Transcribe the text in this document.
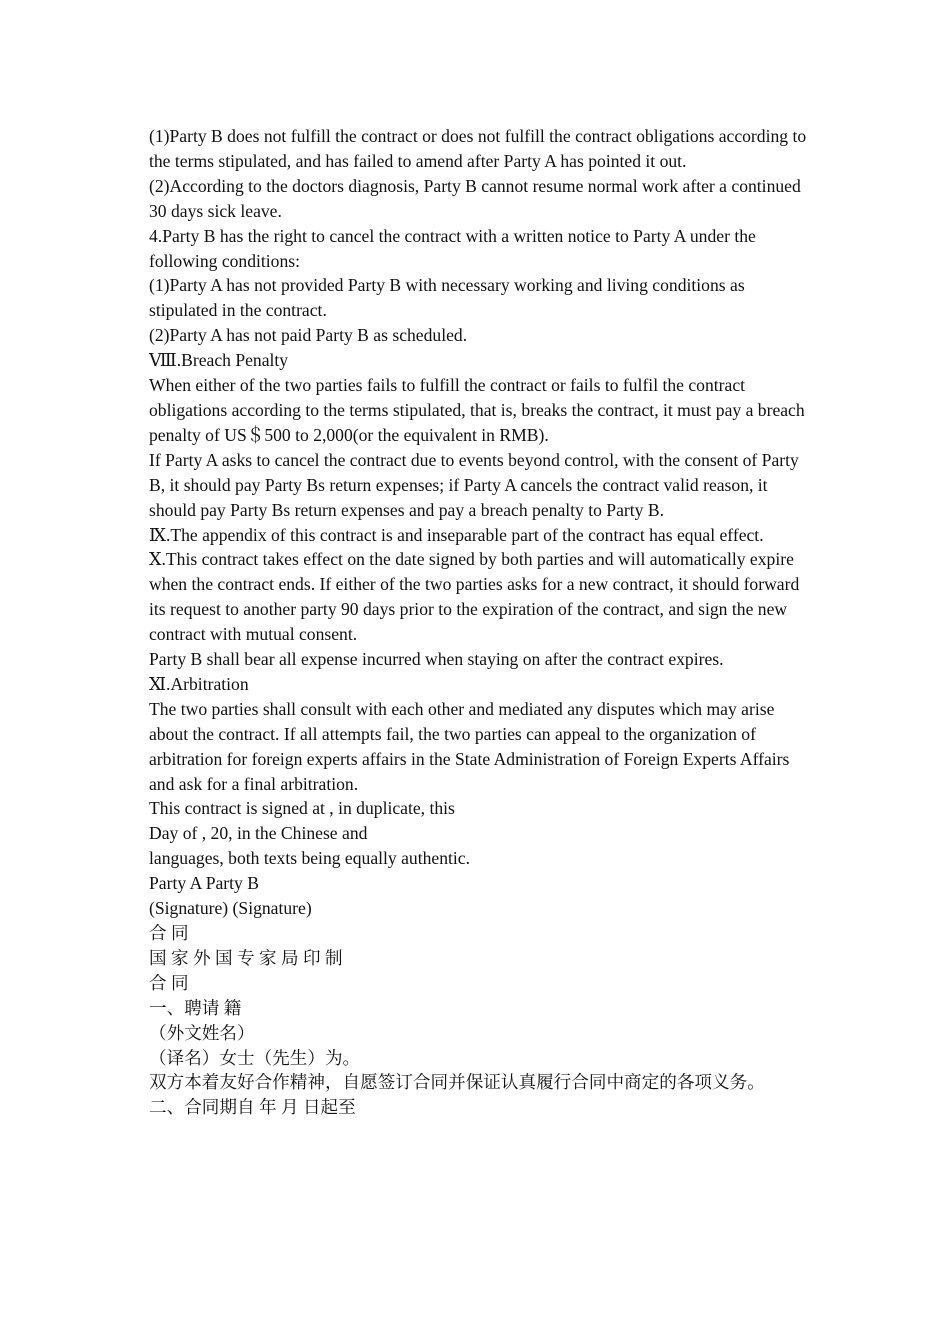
(1)Party B does not fulfill the contract or does not fulfill the contract obligations according to the terms stipulated, and has failed to amend after Party A has pointed it out.

(2)According to the doctors diagnosis, Party B cannot resume normal work after a continued 30 days sick leave.

4.Party B has the right to cancel the contract with a written notice to Party A under the following conditions:

(1)Party A has not provided Party B with necessary working and living conditions as stipulated in the contract.

(2)Party A has not paid Party B as scheduled.

Ⅷ.Breach Penalty

When either of the two parties fails to fulfill the contract or fails to fulfil the contract obligations according to the terms stipulated, that is, breaks the contract, it must pay a breach penalty of US＄500 to 2,000(or the equivalent in RMB).

If Party A asks to cancel the contract due to events beyond control, with the consent of Party B, it should pay Party Bs return expenses; if Party A cancels the contract valid reason, it should pay Party Bs return expenses and pay a breach penalty to Party B.

Ⅸ.The appendix of this contract is and inseparable part of the contract has equal effect.

Ⅹ.This contract takes effect on the date signed by both parties and will automatically expire when the contract ends. If either of the two parties asks for a new contract, it should forward its request to another party 90 days prior to the expiration of the contract, and sign the new contract with mutual consent.

Party B shall bear all expense incurred when staying on after the contract expires.

Ⅺ.Arbitration

The two parties shall consult with each other and mediated any disputes which may arise about the contract. If all attempts fail, the two parties can appeal to the organization of arbitration for foreign experts affairs in the State Administration of Foreign Experts Affairs and ask for a final arbitration.

This contract is signed at , in duplicate, this

Day of , 20, in the Chinese and

languages, both texts being equally authentic.

Party A Party B

(Signature) (Signature)

合 同

国 家 外 国 专 家 局 印 制

合 同

一、聘请 籍

（外文姓名）

（译名）女士（先生）为。

双方本着友好合作精神，自愿签订合同并保证认真履行合同中商定的各项义务。

二、合同期自 年 月 日起至
